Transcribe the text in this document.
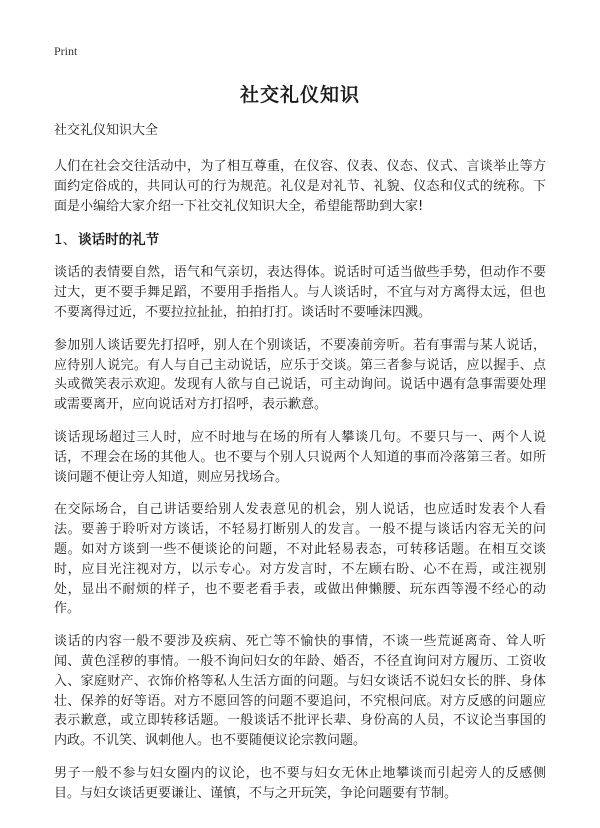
Print
社交礼仪知识
社交礼仪知识大全

人们在社会交往活动中，为了相互尊重，在仪容、仪表、仪态、仪式、言谈举止等方面约定俗成的，共同认可的行为规范。礼仪是对礼节、礼貌、仪态和仪式的统称。下面是小编给大家介绍一下社交礼仪知识大全，希望能帮助到大家!

1、 谈话时的礼节

谈话的表情要自然，语气和气亲切，表达得体。说话时可适当做些手势，但动作不要过大，更不要手舞足蹈，不要用手指指人。与人谈话时，不宜与对方离得太远，但也不要离得过近，不要拉拉扯扯，拍拍打打。谈话时不要唾沫四溅。

参加别人谈话要先打招呼，别人在个别谈话，不要凑前旁听。若有事需与某人说话，应待别人说完。有人与自己主动说话，应乐于交谈。第三者参与说话，应以握手、点头或微笑表示欢迎。发现有人欲与自己说话，可主动询问。说话中遇有急事需要处理或需要离开，应向说话对方打招呼，表示歉意。

谈话现场超过三人时，应不时地与在场的所有人攀谈几句。不要只与一、两个人说话，不理会在场的其他人。也不要与个别人只说两个人知道的事而冷落第三者。如所谈问题不便让旁人知道，则应另找场合。

在交际场合，自己讲话要给别人发表意见的机会，别人说话，也应适时发表个人看法。要善于聆听对方谈话，不轻易打断别人的发言。一般不提与谈话内容无关的问题。如对方谈到一些不便谈论的问题，不对此轻易表态，可转移话题。在相互交谈时，应目光注视对方，以示专心。对方发言时，不左顾右盼、心不在焉，或注视别处，显出不耐烦的样子，也不要老看手表，或做出伸懒腰、玩东西等漫不经心的动作。

谈话的内容一般不要涉及疾病、死亡等不愉快的事情，不谈一些荒诞离奇、耸人听闻、黄色淫秽的事情。一般不询问妇女的年龄、婚否，不径直询问对方履历、工资收入、家庭财产、衣饰价格等私人生活方面的问题。与妇女谈话不说妇女长的胖、身体壮、保养的好等语。对方不愿回答的问题不要追问，不究根问底。对方反感的问题应表示歉意，或立即转移话题。一般谈话不批评长辈、身份高的人员，不议论当事国的内政。不讥笑、讽刺他人。也不要随便议论宗教问题。

男子一般不参与妇女圈内的议论，也不要与妇女无休止地攀谈而引起旁人的反感侧目。与妇女谈话更要谦让、谨慎，不与之开玩笑，争论问题要有节制。
